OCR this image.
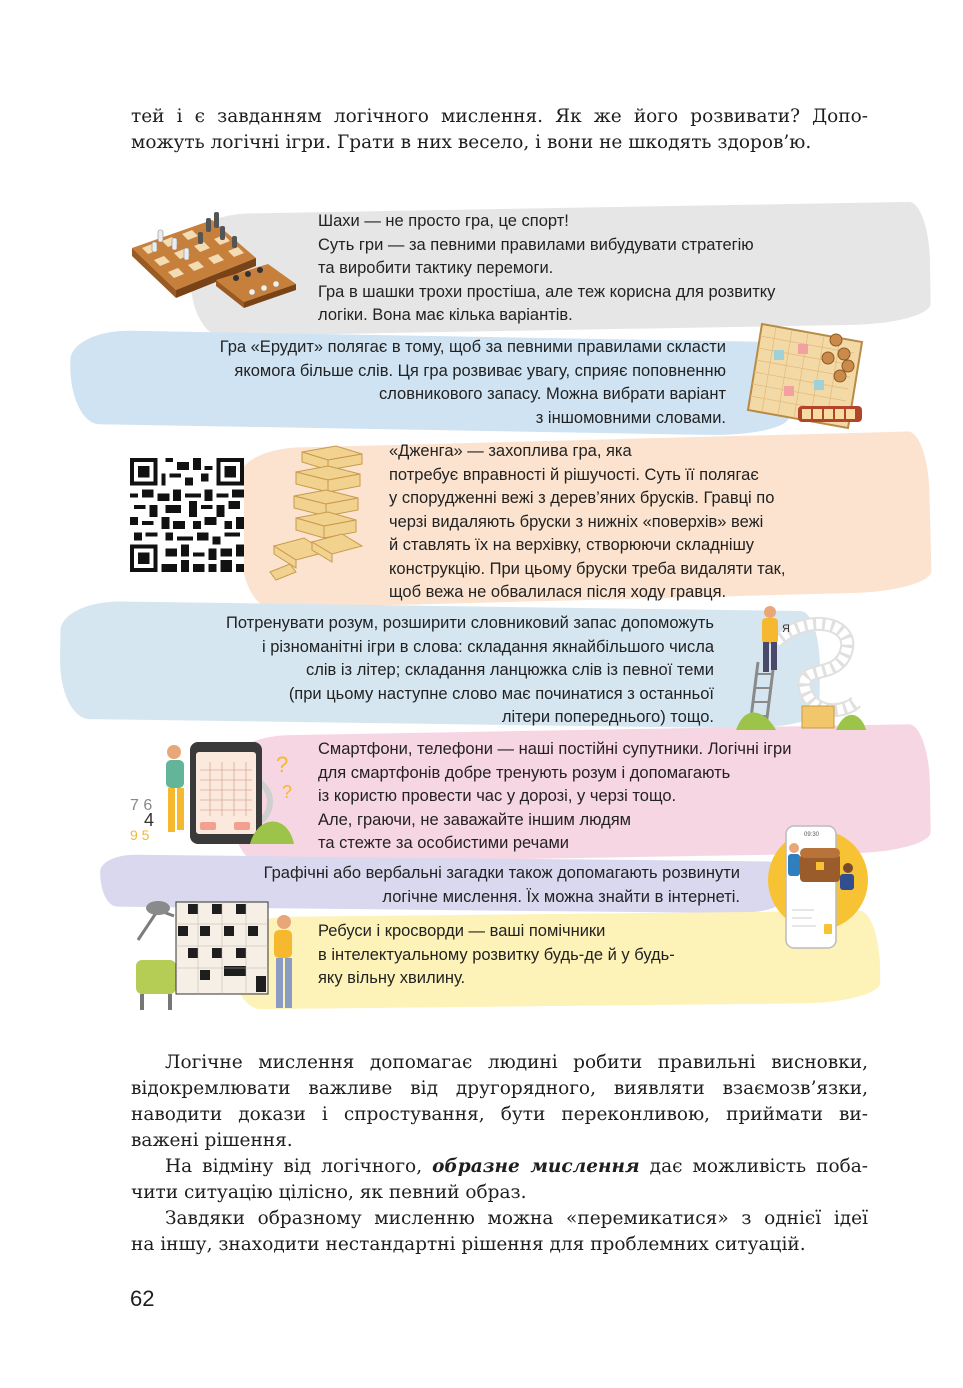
тей і є завданням логічного мислення. Як же його розвивати? Допо-
можуть логічні ігри. Грати в них весело, і вони не шкодять здоров’ю.
Шахи — не просто гра, це спорт!
Суть гри — за певними правилами вибудувати стратегію
та виробити тактику перемоги.
Гра в шашки трохи простіша, але теж корисна для розвитку
логіки. Вона має кілька варіантів.
Гра «Ерудит» полягає в тому, щоб за певними правилами скласти
якомога більше слів. Ця гра розвиває увагу, сприяє поповненню
словникового запасу. Можна вибрати варіант
з іншомовними словами.
«Дженга» — захоплива гра, яка
потребує вправності й рішучості. Суть її полягає
у спорудженні вежі з дерев’яних брусків. Гравці по
черзі видаляють бруски з нижніх «поверхів» вежі
й ставлять їх на верхівку, створюючи складнішу
конструкцію. При цьому бруски треба видаляти так,
щоб вежа не обвалилася після ходу гравця.
Потренувати розум, розширити словниковий запас допоможуть
і різноманітні ігри в слова: складання якнайбільшого числа
слів із літер; складання ланцюжка слів із певної теми
(при цьому наступне слово має починатися з останньої
літери попереднього) тощо.
Я
?
?
7 6
4
9 5
Смартфони, телефони — наші постійні супутники. Логічні ігри
для смартфонів добре тренують розум і допомагають
із користю провести час у дорозі, у черзі тощо.
Але, граючи, не заважайте іншим людям
та стежте за особистими речами	09:30
Графічні або вербальні загадки також допомагають розвинути
логічне мислення. Їх можна знайти в інтернеті.
Ребуси і кросворди — ваші помічники
в інтелектуальному розвитку будь-де й у будь-
яку вільну хвилину.
Логічне мислення допомагає людині робити правильні висновки,
відокремлювати важливе від другорядного, виявляти взаємозв’язки,
наводити докази і спростування, бути переконливою, приймати ви-
важені рішення.
На відміну від логічного, образне мислення дає можливість поба-
чити ситуацію цілісно, як певний образ.
Завдяки образному мисленню можна «перемикатися» з однієї ідеї
на іншу, знаходити нестандартні рішення для проблемних ситуацій.
62
